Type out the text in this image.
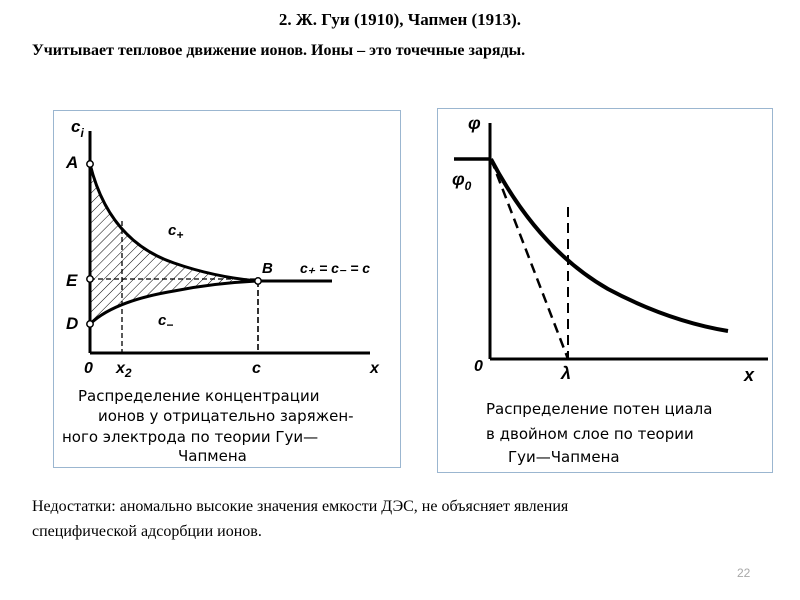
2. Ж. Гуи (1910), Чапмен (1913).
Учитывает тепловое движение ионов. Ионы – это точечные заряды.
$c_i$
A
E
D
B
$c_+$
$c_-$
c₊ = c₋ = c
0 $x_2$	c	x
Распределение концентрации
ионов у отрицательно заряжен-
ного электрода по теории Гуи—
Чапмена
φ
$\varphi_0$
0	λ	x
Распределение потен циала
в двойном слое по теории
Гуи—Чапмена
Недостатки: аномально высокие значения емкости ДЭС, не объясняет явления
специфической адсорбции ионов.
22
